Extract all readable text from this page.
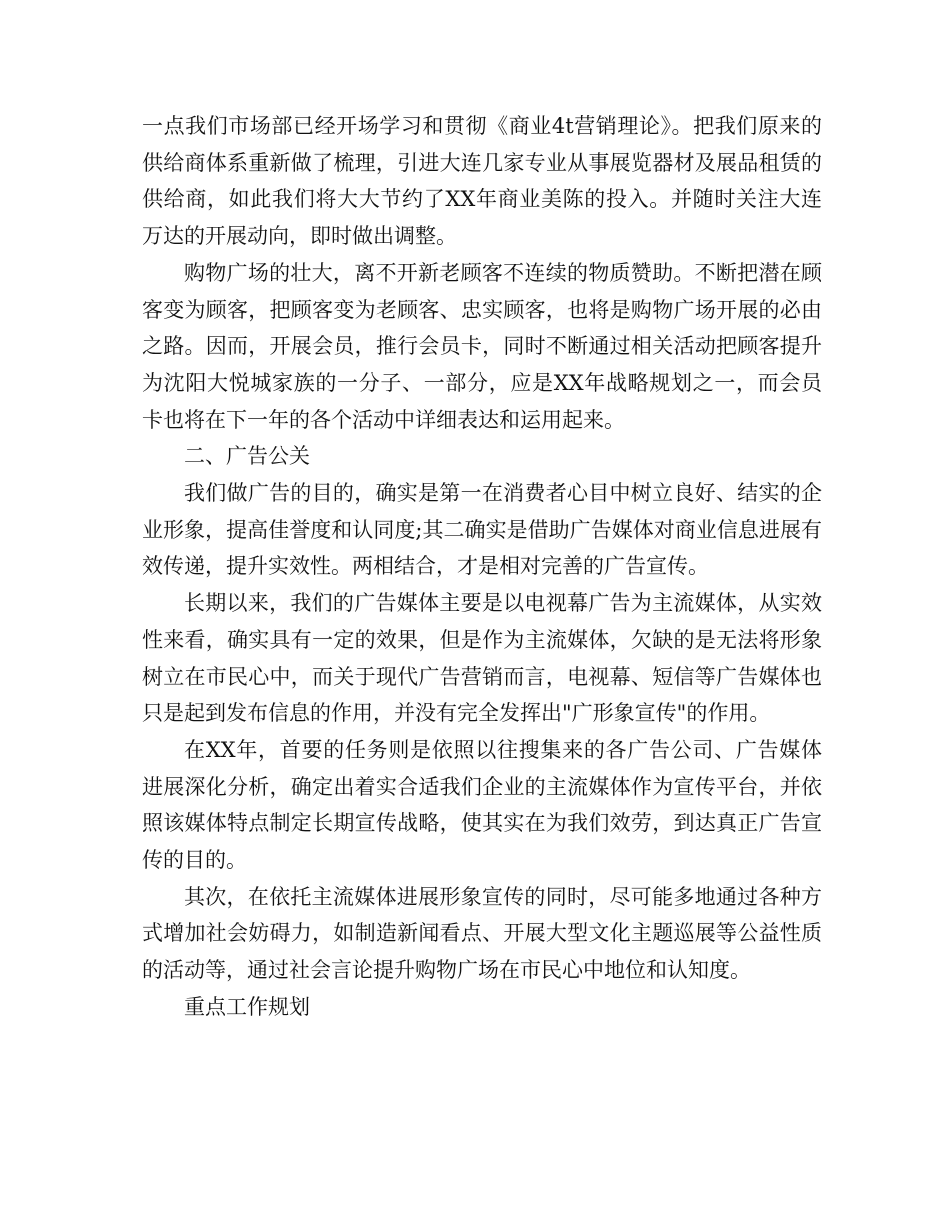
一点我们市场部已经开场学习和贯彻《商业4t营销理论》。把我们原来的供给商体系重新做了梳理，引进大连几家专业从事展览器材及展品租赁的供给商，如此我们将大大节约了XX年商业美陈的投入。并随时关注大连万达的开展动向，即时做出调整。

购物广场的壮大，离不开新老顾客不连续的物质赞助。不断把潜在顾客变为顾客，把顾客变为老顾客、忠实顾客，也将是购物广场开展的必由之路。因而，开展会员，推行会员卡，同时不断通过相关活动把顾客提升为沈阳大悦城家族的一分子、一部分，应是XX年战略规划之一，而会员卡也将在下一年的各个活动中详细表达和运用起来。

二、广告公关

我们做广告的目的，确实是第一在消费者心目中树立良好、结实的企业形象，提高佳誉度和认同度;其二确实是借助广告媒体对商业信息进展有效传递，提升实效性。两相结合，才是相对完善的广告宣传。

长期以来，我们的广告媒体主要是以电视幕广告为主流媒体，从实效性来看，确实具有一定的效果，但是作为主流媒体，欠缺的是无法将形象树立在市民心中，而关于现代广告营销而言，电视幕、短信等广告媒体也只是起到发布信息的作用，并没有完全发挥出"广形象宣传"的作用。

在XX年，首要的任务则是依照以往搜集来的各广告公司、广告媒体进展深化分析，确定出着实合适我们企业的主流媒体作为宣传平台，并依照该媒体特点制定长期宣传战略，使其实在为我们效劳，到达真正广告宣传的目的。

其次，在依托主流媒体进展形象宣传的同时，尽可能多地通过各种方式增加社会妨碍力，如制造新闻看点、开展大型文化主题巡展等公益性质的活动等，通过社会言论提升购物广场在市民心中地位和认知度。

重点工作规划
